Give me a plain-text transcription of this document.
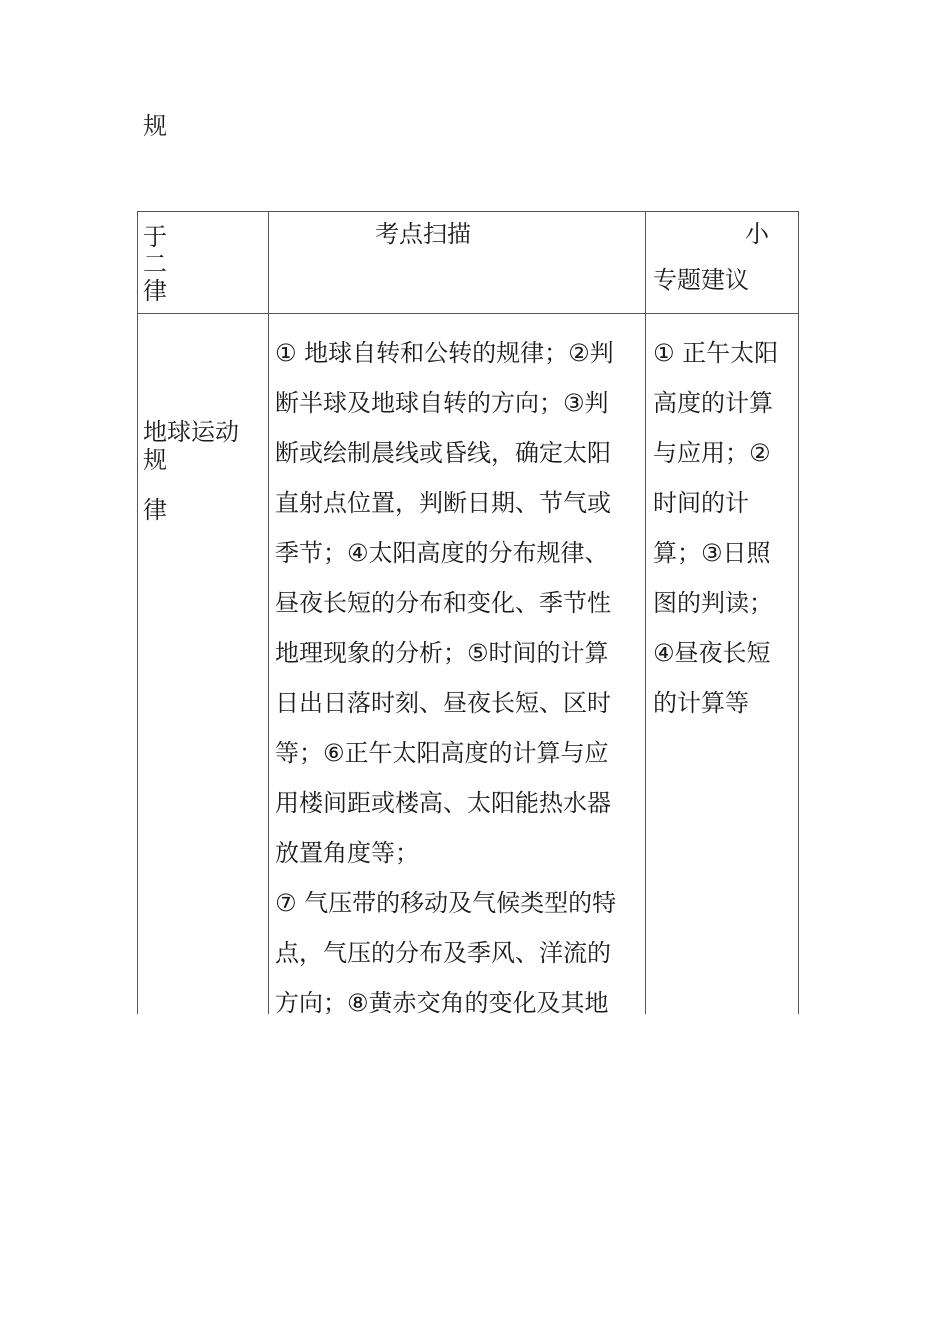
规
于
二
律
考点扫描	小
专题建议
地球运动
规
律
① 地球自转和公转的规律；②判
断半球及地球自转的方向；③判
断或绘制晨线或昏线，确定太阳
直射点位置，判断日期、节气或
季节；④太阳高度的分布规律、
昼夜长短的分布和变化、季节性
地理现象的分析；⑤时间的计算
日出日落时刻、昼夜长短、区时
等；⑥正午太阳高度的计算与应
用楼间距或楼高、太阳能热水器
放置角度等；
⑦ 气压带的移动及气候类型的特
点，气压的分布及季风、洋流的
方向；⑧黄赤交角的变化及其地
① 正午太阳
高度的计算
与应用；②
时间的计
算；③日照
图的判读；
④昼夜长短
的计算等
